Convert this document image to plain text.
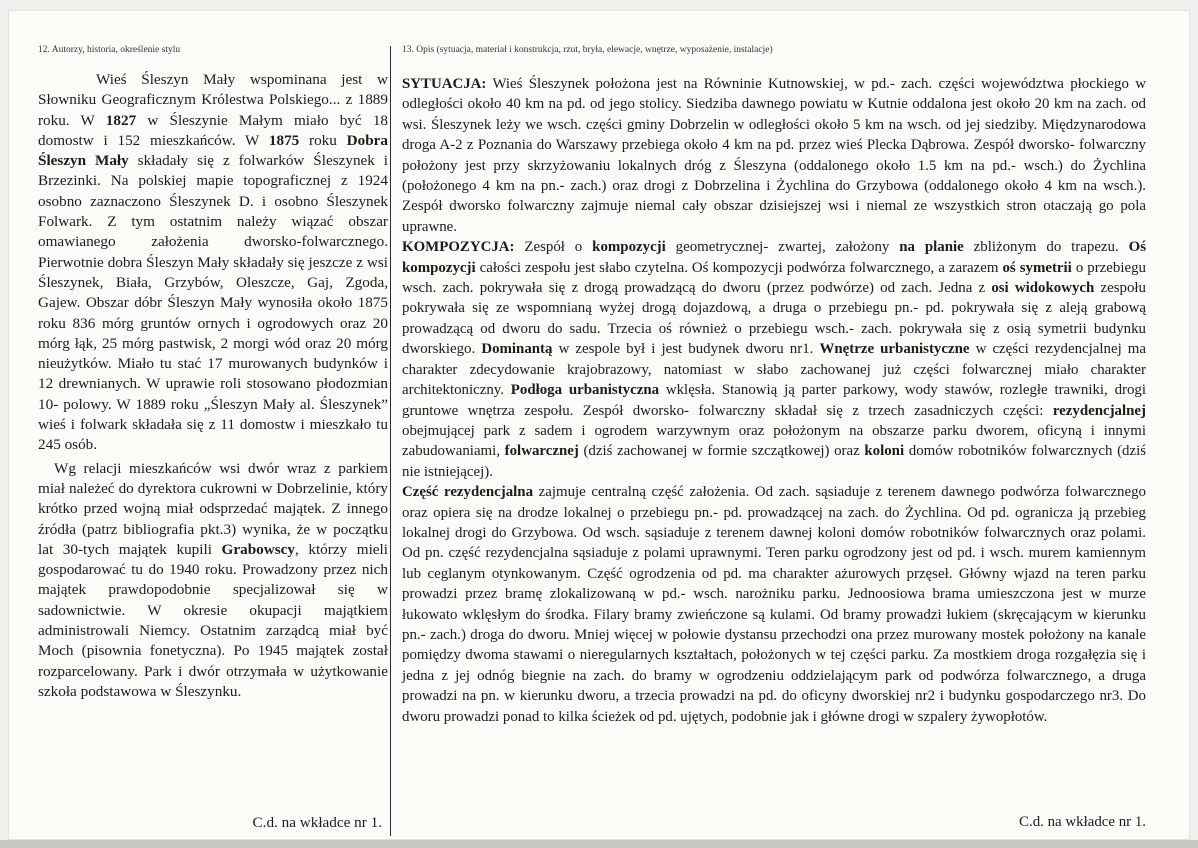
12. Autorzy, historia, określenie stylu

Wieś Śleszyn Mały wspominana jest w Słowniku Geograficznym Królestwa Polskiego... z 1889 roku. W 1827 w Śleszynie Małym miało być 18 domostw i 152 mieszkańców. W 1875 roku Dobra Śleszyn Mały składały się z folwarków Śleszynek i Brzezinki. Na polskiej mapie topograficznej z 1924 osobno zaznaczono Śleszynek D. i osobno Śleszynek Folwark. Z tym ostatnim należy wiązać obszar omawianego założenia dworsko-folwarcznego. Pierwotnie dobra Śleszyn Mały składały się jeszcze z wsi Śleszynek, Biała, Grzybów, Oleszcze, Gaj, Zgoda, Gajew. Obszar dóbr Śleszyn Mały wynosiła około 1875 roku 836 mórg gruntów ornych i ogrodowych oraz 20 mórg łąk, 25 mórg pastwisk, 2 morgi wód oraz 20 mórg nieużytków. Miało tu stać 17 murowanych budynków i 12 drewnianych. W uprawie roli stosowano płodozmian 10- polowy. W 1889 roku „Śleszyn Mały al. Śleszynek” wieś i folwark składała się z 11 domostw i mieszkało tu 245 osób.

Wg relacji mieszkańców wsi dwór wraz z parkiem miał należeć do dyrektora cukrowni w Dobrzelinie, który krótko przed wojną miał odsprzedać majątek. Z innego źródła (patrz bibliografia pkt.3) wynika, że w początku lat 30-tych majątek kupili Grabowscy, którzy mieli gospodarować tu do 1940 roku. Prowadzony przez nich majątek prawdopodobnie specjalizował się w sadownictwie. W okresie okupacji majątkiem administrowali Niemcy. Ostatnim zarządcą miał być Moch (pisownia fonetyczna). Po 1945 majątek został rozparcelowany. Park i dwór otrzymała w użytkowanie szkoła podstawowa w Śleszynku.

C.d. na wkładce nr 1.
13. Opis (sytuacja, materiał i konstrukcja, rzut, bryła, elewacje, wnętrze, wyposażenie, instalacje)

SYTUACJA: Wieś Śleszynek położona jest na Równinie Kutnowskiej, w pd.- zach. części województwa płockiego w odległości około 40 km na pd. od jego stolicy. Siedziba dawnego powiatu w Kutnie oddalona jest około 20 km na zach. od wsi. Śleszynek leży we wsch. części gminy Dobrzelin w odległości około 5 km na wsch. od jej siedziby. Międzynarodowa droga A-2 z Poznania do Warszawy przebiega około 4 km na pd. przez wieś Plecka Dąbrowa. Zespół dworsko- folwarczny położony jest przy skrzyżowaniu lokalnych dróg z Śleszyna (oddalonego około 1.5 km na pd.- wsch.) do Żychlina (położonego 4 km na pn.- zach.) oraz drogi z Dobrzelina i Żychlina do Grzybowa (oddalonego około 4 km na wsch.). Zespół dworsko folwarczny zajmuje niemal cały obszar dzisiejszej wsi i niemal ze wszystkich stron otaczają go pola uprawne.

KOMPOZYCJA: Zespół o kompozycji geometrycznej- zwartej, założony na planie zbliżonym do trapezu. Oś kompozycji całości zespołu jest słabo czytelna. Oś kompozycji podwórza folwarcznego, a zarazem oś symetrii o przebiegu wsch. zach. pokrywała się z drogą prowadzącą do dworu (przez podwórze) od zach. Jedna z osi widokowych zespołu pokrywała się ze wspomnianą wyżej drogą dojazdową, a druga o przebiegu pn.- pd. pokrywała się z aleją grabową prowadzącą od dworu do sadu. Trzecia oś również o przebiegu wsch.- zach. pokrywała się z osią symetrii budynku dworskiego. Dominantą w zespole był i jest budynek dworu nr1. Wnętrze urbanistyczne w części rezydencjalnej ma charakter zdecydowanie krajobrazowy, natomiast w słabo zachowanej już części folwarcznej miało charakter architektoniczny. Podłoga urbanistyczna wklęsła. Stanowią ją parter parkowy, wody stawów, rozległe trawniki, drogi gruntowe wnętrza zespołu. Zespół dworsko- folwarczny składał się z trzech zasadniczych części: rezydencjalnej obejmującej park z sadem i ogrodem warzywnym oraz położonym na obszarze parku dworem, oficyną i innymi zabudowaniami, folwarcznej (dziś zachowanej w formie szczątkowej) oraz koloni domów robotników folwarcznych (dziś nie istniejącej).

Część rezydencjalna zajmuje centralną część założenia. Od zach. sąsiaduje z terenem dawnego podwórza folwarcznego oraz opiera się na drodze lokalnej o przebiegu pn.- pd. prowadzącej na zach. do Żychlina. Od pd. ogranicza ją przebieg lokalnej drogi do Grzybowa. Od wsch. sąsiaduje z terenem dawnej koloni domów robotników folwarcznych oraz polami. Od pn. część rezydencjalna sąsiaduje z polami uprawnymi. Teren parku ogrodzony jest od pd. i wsch. murem kamiennym lub ceglanym otynkowanym. Część ogrodzenia od pd. ma charakter ażurowych przęseł. Główny wjazd na teren parku prowadzi przez bramę zlokalizowaną w pd.- wsch. narożniku parku. Jednoosiowa brama umieszczona jest w murze łukowato wklęsłym do środka. Filary bramy zwieńczone są kulami. Od bramy prowadzi łukiem (skręcającym w kierunku pn.- zach.) droga do dworu. Mniej więcej w połowie dystansu przechodzi ona przez murowany mostek położony na kanale pomiędzy dwoma stawami o nieregularnych kształtach, położonych w tej części parku. Za mostkiem droga rozgałęzia się i jedna z jej odnóg biegnie na zach. do bramy w ogrodzeniu oddzielającym park od podwórza folwarcznego, a druga prowadzi na pn. w kierunku dworu, a trzecia prowadzi na pd. do oficyny dworskiej nr2 i budynku gospodarczego nr3. Do dworu prowadzi ponad to kilka ścieżek od pd. ujętych, podobnie jak i główne drogi w szpalery żywopłotów.

C.d. na wkładce nr 1.
